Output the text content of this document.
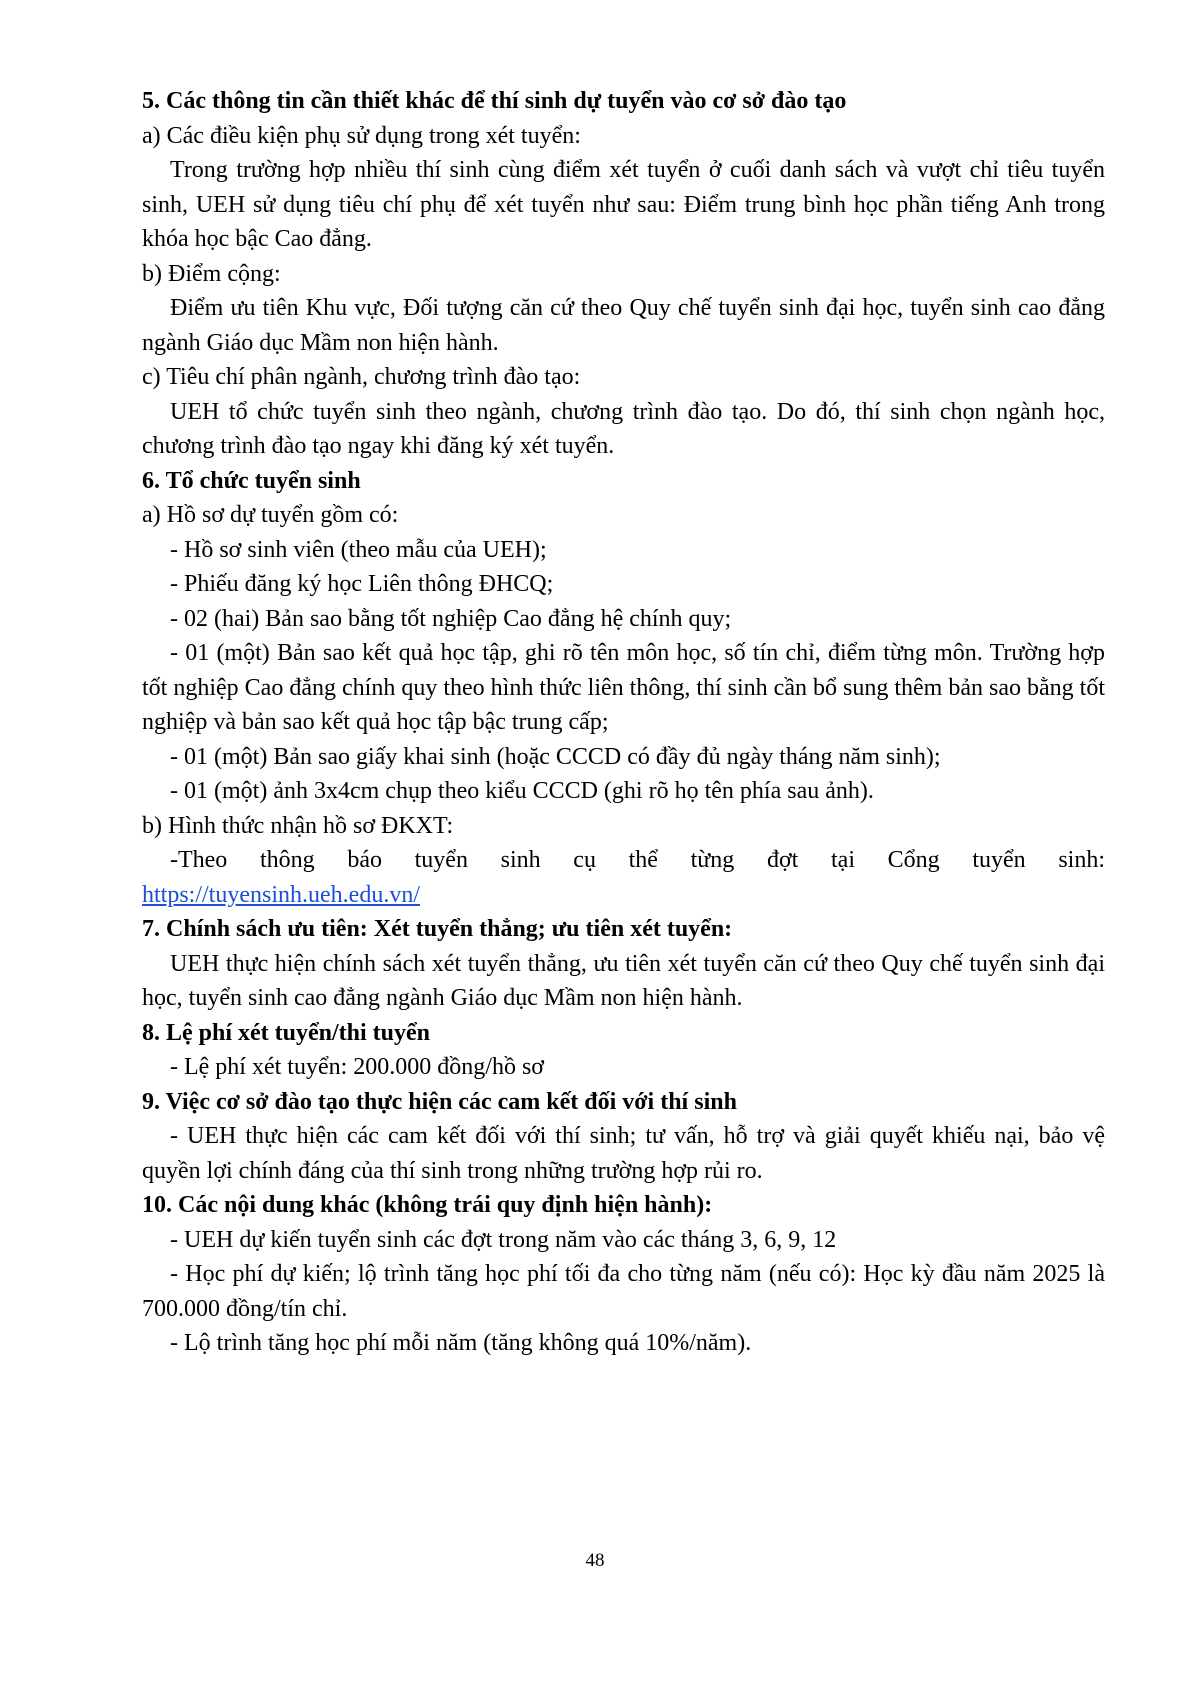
5. Các thông tin cần thiết khác để thí sinh dự tuyển vào cơ sở đào tạo

a) Các điều kiện phụ sử dụng trong xét tuyển:

Trong trường hợp nhiều thí sinh cùng điểm xét tuyển ở cuối danh sách và vượt chỉ tiêu tuyển sinh, UEH sử dụng tiêu chí phụ để xét tuyển như sau: Điểm trung bình học phần tiếng Anh trong khóa học bậc Cao đẳng.

b) Điểm cộng:

Điểm ưu tiên Khu vực, Đối tượng căn cứ theo Quy chế tuyển sinh đại học, tuyển sinh cao đẳng ngành Giáo dục Mầm non hiện hành.

c) Tiêu chí phân ngành, chương trình đào tạo:

UEH tổ chức tuyển sinh theo ngành, chương trình đào tạo. Do đó, thí sinh chọn ngành học, chương trình đào tạo ngay khi đăng ký xét tuyển.

6. Tổ chức tuyển sinh

a) Hồ sơ dự tuyển gồm có:

- Hồ sơ sinh viên (theo mẫu của UEH);

- Phiếu đăng ký học Liên thông ĐHCQ;

- 02 (hai) Bản sao bằng tốt nghiệp Cao đẳng hệ chính quy;

- 01 (một) Bản sao kết quả học tập, ghi rõ tên môn học, số tín chỉ, điểm từng môn. Trường hợp tốt nghiệp Cao đẳng chính quy theo hình thức liên thông, thí sinh cần bổ sung thêm bản sao bằng tốt nghiệp và bản sao kết quả học tập bậc trung cấp;

- 01 (một) Bản sao giấy khai sinh (hoặc CCCD có đầy đủ ngày tháng năm sinh);

- 01 (một) ảnh 3x4cm chụp theo kiểu CCCD (ghi rõ họ tên phía sau ảnh).

b) Hình thức nhận hồ sơ ĐKXT:

-Theo thông báo tuyển sinh cụ thể từng đợt tại Cổng tuyển sinh:

https://tuyensinh.ueh.edu.vn/

7. Chính sách ưu tiên: Xét tuyển thẳng; ưu tiên xét tuyển:

UEH thực hiện chính sách xét tuyển thẳng, ưu tiên xét tuyển căn cứ theo Quy chế tuyển sinh đại học, tuyển sinh cao đẳng ngành Giáo dục Mầm non hiện hành.

8. Lệ phí xét tuyển/thi tuyển

- Lệ phí xét tuyển: 200.000 đồng/hồ sơ

9. Việc cơ sở đào tạo thực hiện các cam kết đối với thí sinh

- UEH thực hiện các cam kết đối với thí sinh; tư vấn, hỗ trợ và giải quyết khiếu nại, bảo vệ quyền lợi chính đáng của thí sinh trong những trường hợp rủi ro.

10. Các nội dung khác (không trái quy định hiện hành):

- UEH dự kiến tuyển sinh các đợt trong năm vào các tháng 3, 6, 9, 12

- Học phí dự kiến; lộ trình tăng học phí tối đa cho từng năm (nếu có): Học kỳ đầu năm 2025 là 700.000 đồng/tín chỉ.

- Lộ trình tăng học phí mỗi năm (tăng không quá 10%/năm).

48
